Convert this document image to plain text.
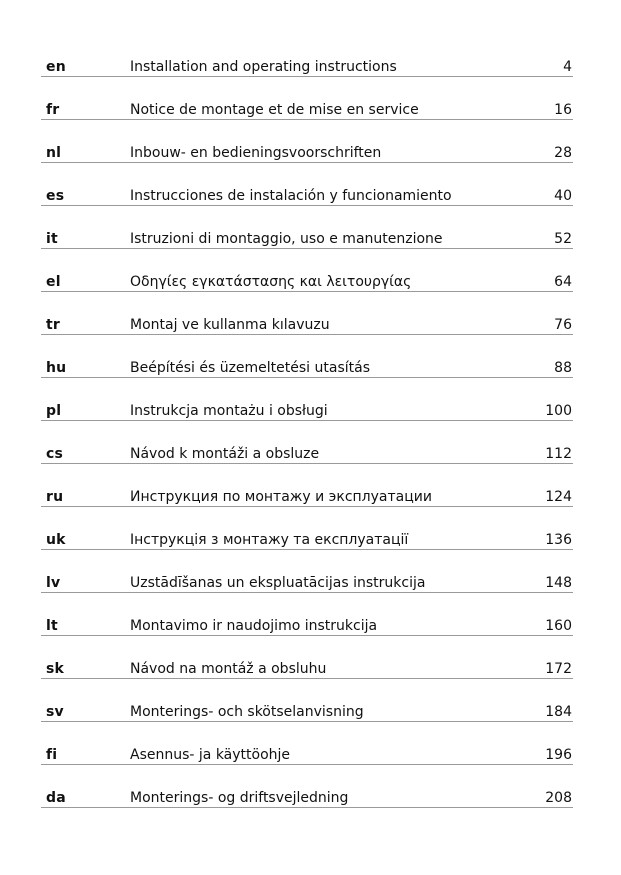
en	Installation and operating instructions	4
fr	Notice de montage et de mise en service	16
nl	Inbouw- en bedieningsvoorschriften	28
es	Instrucciones de instalación y funcionamiento	40
it	Istruzioni di montaggio, uso e manutenzione	52
el	Οδηγίες εγκατάστασης και λειτουργίας	64
tr	Montaj ve kullanma kılavuzu	76
hu	Beépítési és üzemeltetési utasítás	88
pl	Instrukcja montażu i obsługi	100
cs	Návod k montáži a obsluze	112
ru	Инструкция по монтажу и эксплуатации	124
uk	Інструкція з монтажу та експлуатації	136
lv	Uzstādīšanas un ekspluatācijas instrukcija	148
lt	Montavimo ir naudojimo instrukcija	160
sk	Návod na montáž a obsluhu	172
sv	Monterings- och skötselanvisning	184
fi	Asennus- ja käyttöohje	196
da	Monterings- og driftsvejledning	208
